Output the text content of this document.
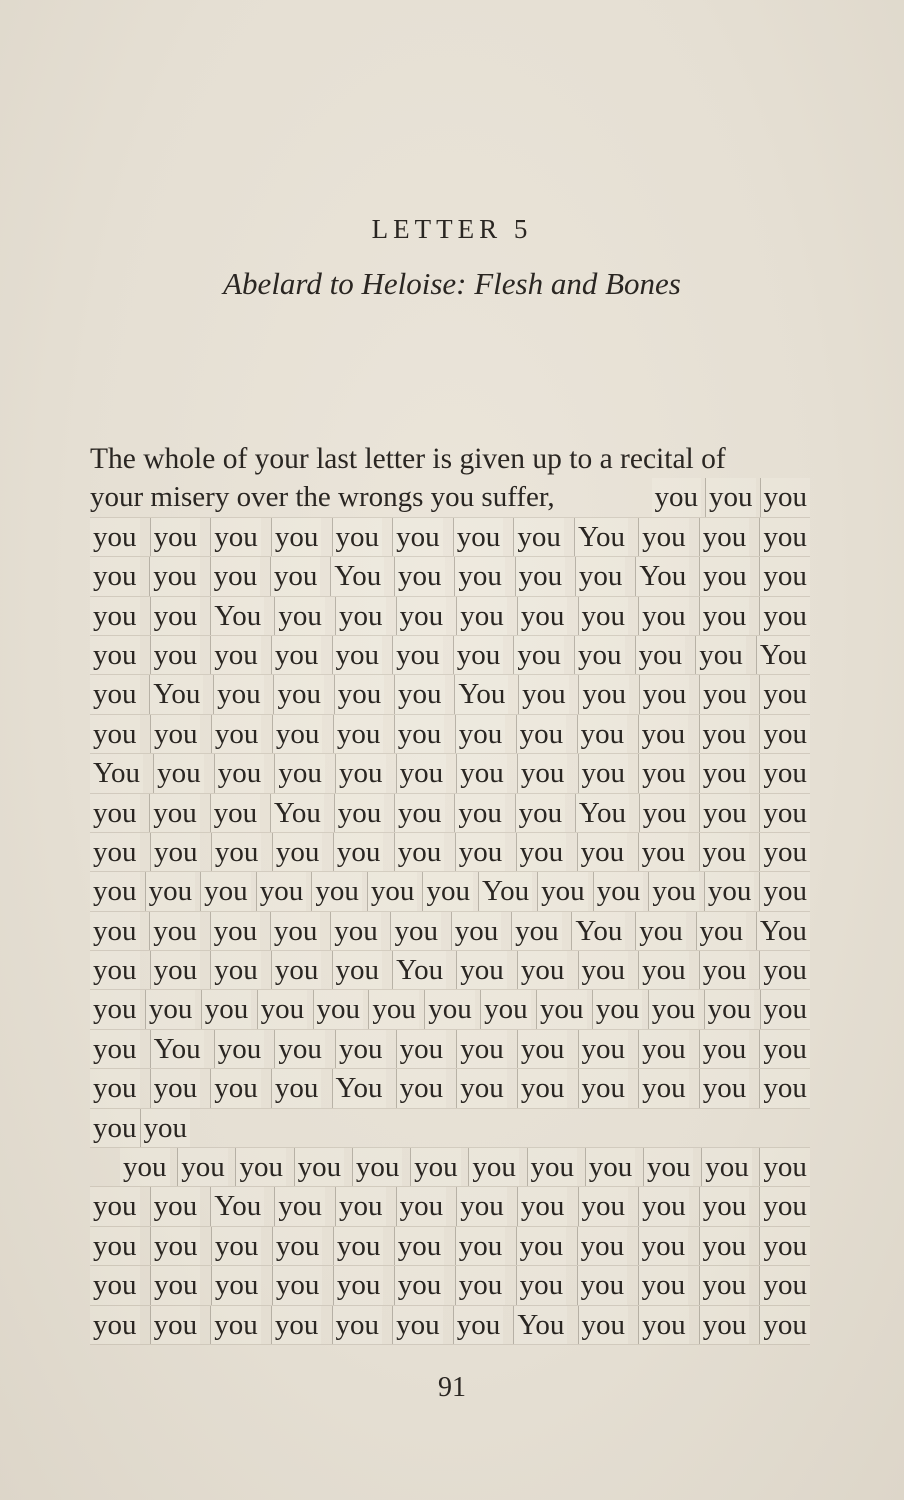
LETTER 5
Abelard to Heloise: Flesh and Bones
The whole of your last letter is given up to a recital of
your misery over the wrongs you suffer,	you you you
you you you you you you you you You you you you
you you you you You you you you you You you you
you you You you you you you you you you you you
you you you you you you you you you you you You
you You you you you you You you you you you you
you you you you you you you you you you you you
You you you you you you you you you you you you
you you you You you you you you You you you you
you you you you you you you you you you you you
you you you you you you you You you you you you you
you you you you you you you you You you you You
you you you you you You you you you you you you
you you you you you you you you you you you you you
you You you you you you you you you you you you
you you you you You you you you you you you you
you you
you you you you you you you you you you you you
you you You you you you you you you you you you
you you you you you you you you you you you you
you you you you you you you you you you you you
you you you you you you you You you you you you
91
